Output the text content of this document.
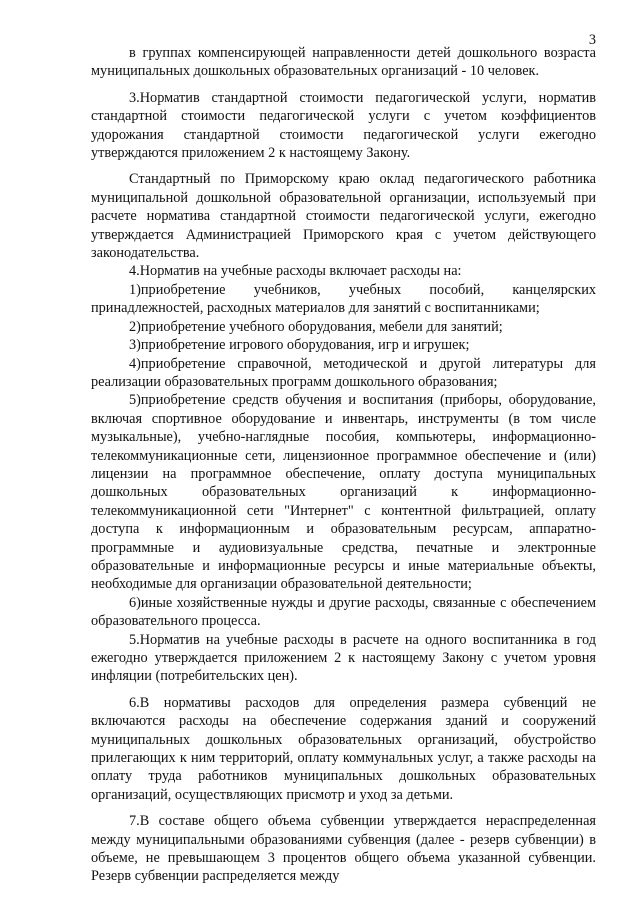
3

в группах компенсирующей направленности детей дошкольного возраста муниципальных дошкольных образовательных организаций - 10 человек.

3.Норматив стандартной стоимости педагогической услуги, норматив стандартной стоимости педагогической услуги с учетом коэффициентов удорожания стандартной стоимости педагогической услуги ежегодно утверждаются приложением 2 к настоящему Закону.

Стандартный по Приморскому краю оклад педагогического работника муниципальной дошкольной образовательной организации, используемый при расчете норматива стандартной стоимости педагогической услуги, ежегодно утверждается Администрацией Приморского края с учетом действующего законодательства.

4.Норматив на учебные расходы включает расходы на:

1)приобретение учебников, учебных пособий, канцелярских принадлежностей, расходных материалов для занятий с воспитанниками;

2)приобретение учебного оборудования, мебели для занятий;

3)приобретение игрового оборудования, игр и игрушек;

4)приобретение справочной, методической и другой литературы для реализации образовательных программ дошкольного образования;

5)приобретение средств обучения и воспитания (приборы, оборудование, включая спортивное оборудование и инвентарь, инструменты (в том числе музыкальные), учебно-наглядные пособия, компьютеры, информационно-телекоммуникационные сети, лицензионное программное обеспечение и (или) лицензии на программное обеспечение, оплату доступа муниципальных дошкольных образовательных организаций к информационно-телекоммуникационной сети "Интернет" с контентной фильтрацией, оплату доступа к информационным и образовательным ресурсам, аппаратно-программные и аудиовизуальные средства, печатные и электронные образовательные и информационные ресурсы и иные материальные объекты, необходимые для организации образовательной деятельности;

6)иные хозяйственные нужды и другие расходы, связанные с обеспечением образовательного процесса.

5.Норматив на учебные расходы в расчете на одного воспитанника в год ежегодно утверждается приложением 2 к настоящему Закону с учетом уровня инфляции (потребительских цен).

6.В нормативы расходов для определения размера субвенций не включаются расходы на обеспечение содержания зданий и сооружений муниципальных дошкольных образовательных организаций, обустройство прилегающих к ним территорий, оплату коммунальных услуг, а также расходы на оплату труда работников муниципальных дошкольных образовательных организаций, осуществляющих присмотр и уход за детьми.

7.В составе общего объема субвенции утверждается нераспределенная между муниципальными образованиями субвенция (далее - резерв субвенции) в объеме, не превышающем 3 процентов общего объема указанной субвенции. Резерв субвенции распределяется между
